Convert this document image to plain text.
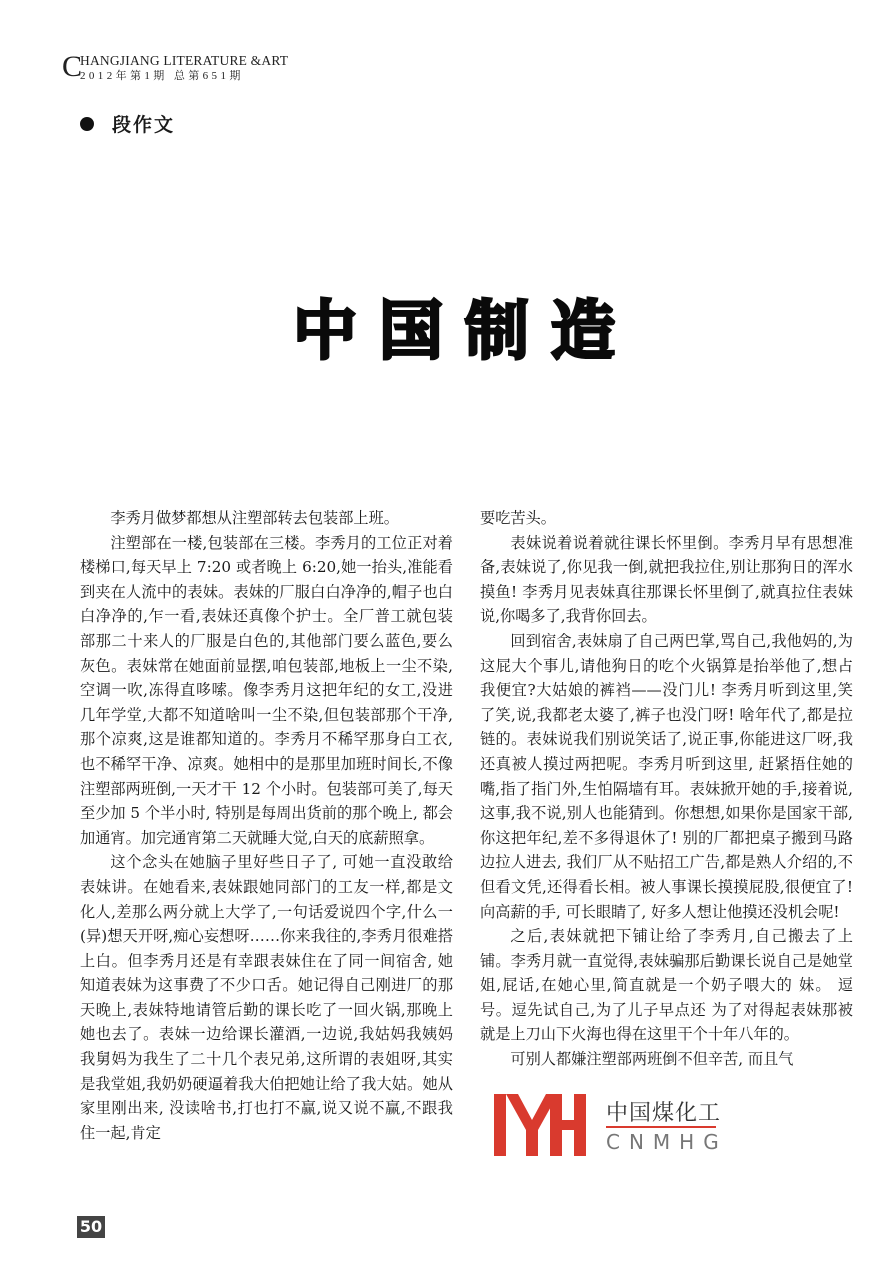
C
HANGJIANG LITERATURE &ART
2012年第1期 总第651期
段作文
中国制造

李秀月做梦都想从注塑部转去包装部上班。

注塑部在一楼,包装部在三楼。李秀月的工位正对着楼梯口,每天早上 7:20 或者晚上 6:20,她一抬头,准能看到夹在人流中的表妹。表妹的厂服白白净净的,帽子也白白净净的,乍一看,表妹还真像个护士。全厂普工就包装部那二十来人的厂服是白色的,其他部门要么蓝色,要么灰色。表妹常在她面前显摆,咱包装部,地板上一尘不染,空调一吹,冻得直哆嗦。像李秀月这把年纪的女工,没进几年学堂,大都不知道啥叫一尘不染,但包装部那个干净,那个凉爽,这是谁都知道的。李秀月不稀罕那身白工衣,也不稀罕干净、凉爽。她相中的是那里加班时间长,不像注塑部两班倒,一天才干 12 个小时。包装部可美了,每天至少加 5 个半小时, 特别是每周出货前的那个晚上, 都会加通宵。加完通宵第二天就睡大觉,白天的底薪照拿。

这个念头在她脑子里好些日子了, 可她一直没敢给表妹讲。在她看来,表妹跟她同部门的工友一样,都是文化人,差那么两分就上大学了,一句话爱说四个字,什么一(异)想天开呀,痴心妄想呀……你来我往的,李秀月很难搭上白。但李秀月还是有幸跟表妹住在了同一间宿舍, 她知道表妹为这事费了不少口舌。她记得自己刚进厂的那天晚上,表妹特地请管后勤的课长吃了一回火锅,那晚上她也去了。表妹一边给课长灌酒,一边说,我姑妈我姨妈我舅妈为我生了二十几个表兄弟,这所谓的表姐呀,其实是我堂姐,我奶奶硬逼着我大伯把她让给了我大姑。她从家里刚出来, 没读啥书,打也打不赢,说又说不赢,不跟我住一起,肯定

要吃苦头。

表妹说着说着就往课长怀里倒。李秀月早有思想准备,表妹说了,你见我一倒,就把我拉住,别让那狗日的浑水摸鱼! 李秀月见表妹真往那课长怀里倒了,就真拉住表妹说,你喝多了,我背你回去。

回到宿舍,表妹扇了自己两巴掌,骂自己,我他妈的,为这屁大个事儿,请他狗日的吃个火锅算是抬举他了,想占我便宜?大姑娘的裤裆——没门儿! 李秀月听到这里,笑了笑,说,我都老太婆了,裤子也没门呀! 啥年代了,都是拉链的。表妹说我们别说笑话了,说正事,你能进这厂呀,我还真被人摸过两把呢。李秀月听到这里, 赶紧捂住她的嘴,指了指门外,生怕隔墙有耳。表妹掀开她的手,接着说,这事,我不说,别人也能猜到。你想想,如果你是国家干部,你这把年纪,差不多得退休了! 别的厂都把桌子搬到马路边拉人进去, 我们厂从不贴招工广告,都是熟人介绍的,不但看文凭,还得看长相。被人事课长摸摸屁股,很便宜了! 向高薪的手, 可长眼睛了, 好多人想让他摸还没机会呢!

之后,表妹就把下铺让给了李秀月,自己搬去了上铺。李秀月就一直觉得,表妹骗那后勤课长说自己是她堂姐,屁话,在她心里,简直就是一个奶子喂大的 妹。 逗号。逗先试自己,为了儿子早点还 为了对得起表妹那被 就是上刀山下火海也得在这里干个十年八年的。

可别人都嫌注塑部两班倒不但辛苦, 而且气

50
中国煤化工
CNMHG
